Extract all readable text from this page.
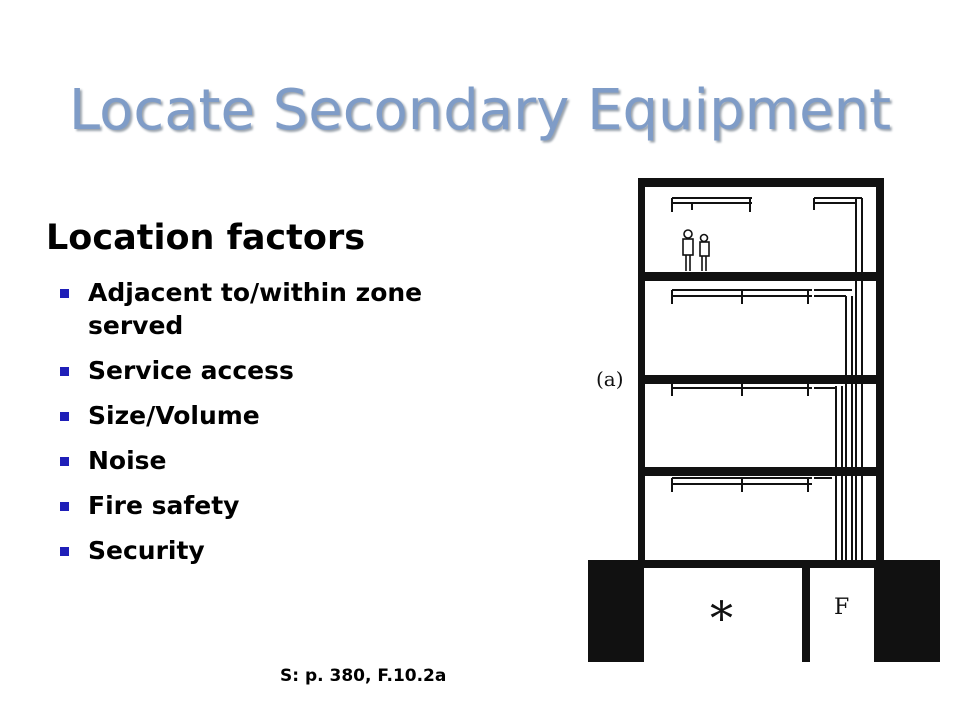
Locate Secondary Equipment
Location factors
Adjacent to/within zone
served
Service access
Size/Volume
Noise
Fire safety
Security
S: p. 380, F.10.2a
(a)
*	F
